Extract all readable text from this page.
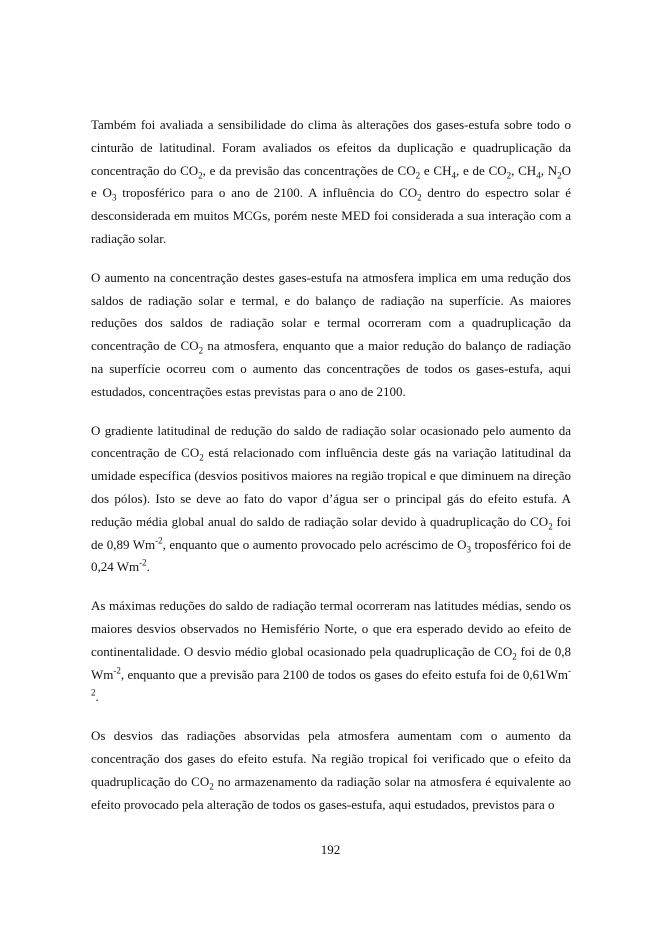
Também foi avaliada a sensibilidade do clima às alterações dos gases-estufa sobre todo o cinturão de latitudinal. Foram avaliados os efeitos da duplicação e quadruplicação da concentração do $CO_2$, e da previsão das concentrações de $CO_2$ e $CH_4$, e de $CO_2$, $CH_4$, $N_2O$ e $O_3$ troposférico para o ano de 2100. A influência do $CO_2$ dentro do espectro solar é desconsiderada em muitos MCGs, porém neste MED foi considerada a sua interação com a radiação solar.

O aumento na concentração destes gases-estufa na atmosfera implica em uma redução dos saldos de radiação solar e termal, e do balanço de radiação na superfície. As maiores reduções dos saldos de radiação solar e termal ocorreram com a quadruplicação da concentração de $CO_2$ na atmosfera, enquanto que a maior redução do balanço de radiação na superfície ocorreu com o aumento das concentrações de todos os gases-estufa, aqui estudados, concentrações estas previstas para o ano de 2100.

O gradiente latitudinal de redução do saldo de radiação solar ocasionado pelo aumento da concentração de $CO_2$ está relacionado com influência deste gás na variação latitudinal da umidade específica (desvios positivos maiores na região tropical e que diminuem na direção dos pólos). Isto se deve ao fato do vapor d’água ser o principal gás do efeito estufa. A redução média global anual do saldo de radiação solar devido à quadruplicação do $CO_2$ foi de 0,89 $Wm^{-2}$, enquanto que o aumento provocado pelo acréscimo de $O_3$ troposférico foi de 0,24 $Wm^{-2}$.

As máximas reduções do saldo de radiação termal ocorreram nas latitudes médias, sendo os maiores desvios observados no Hemisfério Norte, o que era esperado devido ao efeito de continentalidade. O desvio médio global ocasionado pela quadruplicação de $CO_2$ foi de 0,8 $Wm^{-2}$, enquanto que a previsão para 2100 de todos os gases do efeito estufa foi de $0,61Wm^{-2}$.

Os desvios das radiações absorvidas pela atmosfera aumentam com o aumento da concentração dos gases do efeito estufa. Na região tropical foi verificado que o efeito da quadruplicação do $CO_2$ no armazenamento da radiação solar na atmosfera é equivalente ao efeito provocado pela alteração de todos os gases-estufa, aqui estudados, previstos para o

192
